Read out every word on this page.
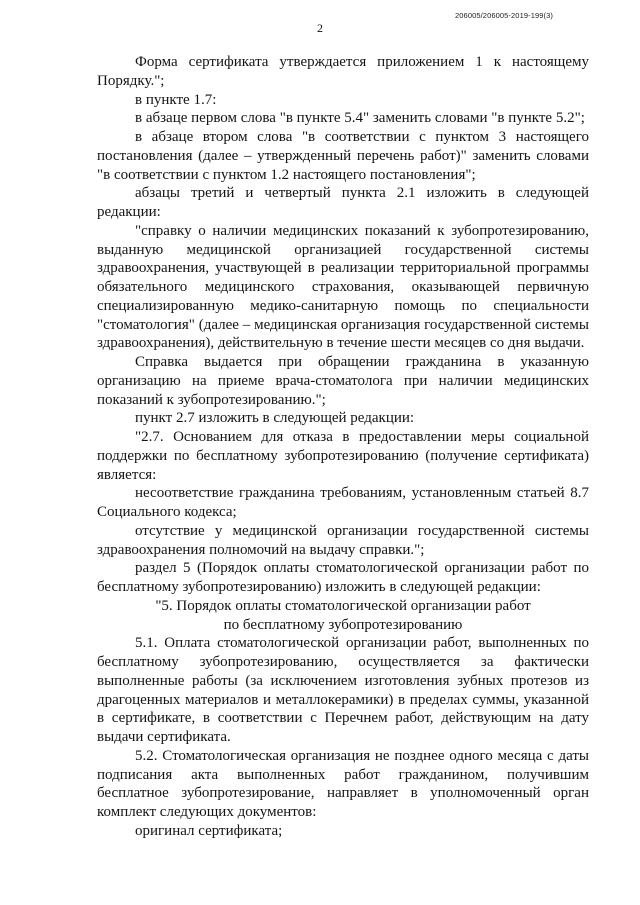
206005/206005-2019-199(3)
2

Форма сертификата утверждается приложением 1 к настоящему Порядку.";

в пункте 1.7:

в абзаце первом слова "в пункте 5.4" заменить словами "в пункте 5.2";

в абзаце втором слова "в соответствии с пунктом 3 настоящего постановления (далее – утвержденный перечень работ)" заменить словами "в соответствии с пунктом 1.2 настоящего постановления";

абзацы третий и четвертый пункта 2.1 изложить в следующей редакции:

"справку о наличии медицинских показаний к зубопротезированию, выданную медицинской организацией государственной системы здравоохранения, участвующей в реализации территориальной программы обязательного медицинского страхования, оказывающей первичную специализированную медико-санитарную помощь по специальности "стоматология" (далее – медицинская организация государственной системы здравоохранения), действительную в течение шести месяцев со дня выдачи.

Справка выдается при обращении гражданина в указанную организацию на приеме врача-стоматолога при наличии медицинских показаний к зубопротезированию.";

пункт 2.7 изложить в следующей редакции:

"2.7. Основанием для отказа в предоставлении меры социальной поддержки по бесплатному зубопротезированию (получение сертификата) является:

несоответствие гражданина требованиям, установленным статьей 8.7 Социального кодекса;

отсутствие у медицинской организации государственной системы здравоохранения полномочий на выдачу справки.";

раздел 5 (Порядок оплаты стоматологической организации работ по бесплатному зубопротезированию) изложить в следующей редакции:

"5. Порядок оплаты стоматологической организации работ

по бесплатному зубопротезированию

5.1. Оплата стоматологической организации работ, выполненных по бесплатному зубопротезированию, осуществляется за фактически выполненные работы (за исключением изготовления зубных протезов из драгоценных материалов и металлокерамики) в пределах суммы, указанной в сертификате, в соответствии с Перечнем работ, действующим на дату выдачи сертификата.

5.2. Стоматологическая организация не позднее одного месяца с даты подписания акта выполненных работ гражданином, получившим бесплатное зубопротезирование, направляет в уполномоченный орган комплект следующих документов:

оригинал сертификата;
